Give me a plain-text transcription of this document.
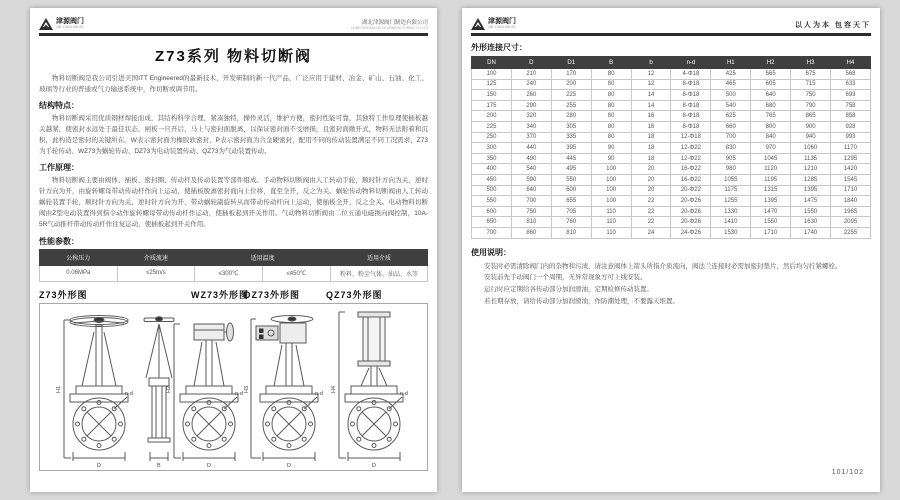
津源阀门
JIN YUAN VALVE
湖北津源阀门制造有限公司
HUBEI JINYUAN VALVE MANUFACTURING CO.,LTD
Z73系列 物料切断阀
物料切断阀是我公司引进美国ITT Engineered的最新技术，开发研制的新一代产品，广泛应用于建材、冶金、矿山、石油、化工、玻璃等行业的普通或气力输送系统中，作切断或调节用。
结构特点：
物料切断阀采用优质钢材焊接而成，其结构科学合理，紧凑独特，操作灵活，维护方便，密封性能可靠，其独特工作原理使插板越关越紧，使密封永远处于最佳状态，闸板一旦开启，马上与密封面脱离，以保证密封面不受磨损，且密封面敞开式，物料无法附着和沉积，此构造是密封的关键所在。W表示密封面为橡胶软密封，P表示密封面为合金硬密封，配用不同的传动装置满足不同工况需求，Z73为手轮传动、WZ73为蜗轮传动、DZ73为电动装置传动、QZ73为气动装置传动。
工作原理：
物料切断阀主要由阀体、插板、密封圈、传动杆及传动装置等部件组成。手动物料切断阀由人工转动手轮，顺时针方向为关，逆时针方向为开，由旋转螺母带动传动杆作向上运动，使插板脱离密封面向上位移，直至全开，反之为关。蜗轮传动物料切断阀由人工转动蜗轮装置手轮，顺时针方向为关，逆时针方向为开，带动蜗轮副旋转从而带动传动杆向上运动，使插板全开，反之全关。电动物料切断阀由Z型电动装置得到指令动作旋转螺母带动传动杆作运动，使插板起到开关作用。气动物料切断阀由二位五通电磁换向阀控制，10A-5R气动推杆带动传动杆作往复运动，使插板起到开关作用。
性能参数：
公称压力	介质流速	适用温度		适用介质
0.06MPa	≤25m/s	≤300℃	≤450℃	粉料、粉尘气体、油品、水等
Z73外形图	WZ73外形图
DZ73外形图	QZ73外形图
H1
n-d
D	B
H2
n-d
D
H3
n-d
D
H4
n-d
D
津源阀门
JIN YUAN VALVE	以人为本 包容天下
外形连接尺寸：
DN	D	D1	B	b	n-d	H1	H2	H3	H4
100	210	170	80	12	4-Φ18	425	565	675	568
125	240	200	80	12	8-Φ18	465	605	715	633
150	260	225	80	14	8-Φ18	500	640	750	693
175	290	255	80	14	8-Φ18	540	680	790	758
200	320	280	80	16	8-Φ18	625	765	865	858
225	340	305	80	16	8-Φ18	660	800	900	928
250	370	335	80	18	12-Φ18	700	840	940	993
300	440	395	90	18	12-Φ22	830	970	1060	1170
350	490	445	90	18	12-Φ22	905	1045	1135	1295
400	540	495	100	20	16-Φ22	980	1120	1210	1420
450	590	550	100	20	16-Φ22	1055	1195	1285	1545
500	640	600	100	20	20-Φ22	1175	1315	1395	1710
550	700	655	100	22	20-Φ26	1255	1395	1475	1840
600	750	705	110	22	20-Φ26	1330	1470	1550	1965
650	810	760	110	22	20-Φ26	1410	1550	1630	2095
700	860	810	110	24	24-Φ26	1530	1710	1740	2255
使用说明：
安装时必需清除阀门内的杂物和污渍，请注意阀体上箭头所指介质流向，阀法兰连接时必需加密封垫片，然后均匀拧紧螺栓。
安装前先手动阀门一个周期，无异常现象方可上线安装。
运行时应定期给各传动部分加润滑油，定期检修传动装置。
若长期存放，请给传动部分加润滑油，作防潮处理，不要露天堆置。
101/102
